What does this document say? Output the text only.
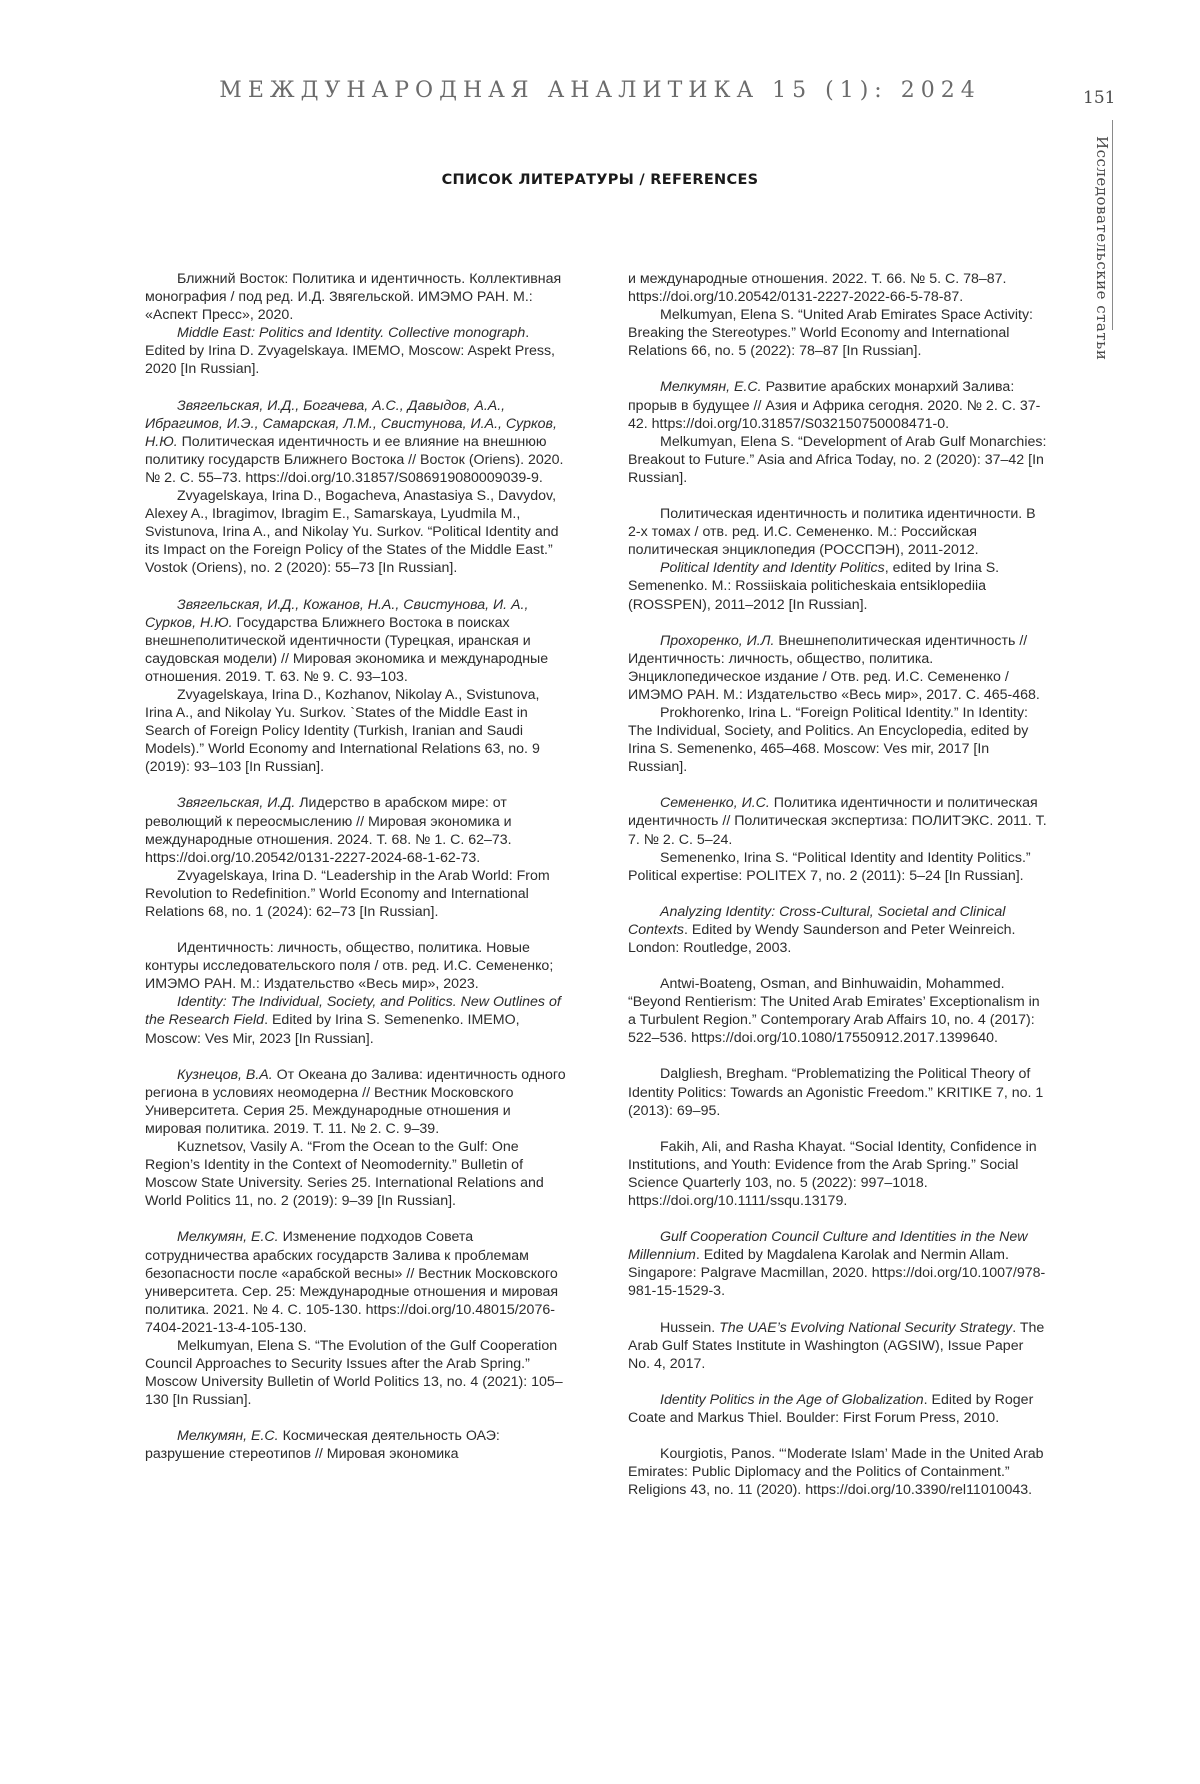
МЕЖДУНАРОДНАЯ АНАЛИТИКА 15 (1): 2024	151
Исследовательские статьи
СПИСОК ЛИТЕРАТУРЫ / REFERENCES

Ближний Восток: Политика и идентичность. Коллективная монография / под ред. И.Д. Звягельской. ИМЭМО РАН. М.: «Аспект Пресс», 2020.

Middle East: Politics and Identity. Collective monograph. Edited by Irina D. Zvyagelskaya. IMEMO, Moscow: Aspekt Press, 2020 [In Russian].

Звягельская, И.Д., Богачева, А.С., Давыдов, А.А., Ибрагимов, И.Э., Самарская, Л.М., Свистунова, И.А., Сурков, Н.Ю. Политическая идентичность и ее влияние на внешнюю политику государств Ближнего Востока // Восток (Oriens). 2020. № 2. С. 55–73. https://doi.org/10.31857/S086919080009039-9.

Zvyagelskaya, Irina D., Bogacheva, Anastasiya S., Davydov, Alexey A., Ibragimov, Ibragim E., Samarskaya, Lyudmila M., Svistunova, Irina A., and Nikolay Yu. Surkov. “Political Identity and its Impact on the Foreign Policy of the States of the Middle East.” Vostok (Oriens), no. 2 (2020): 55–73 [In Russian].

Звягельская, И.Д., Кожанов, Н.А., Свистунова, И. А., Сурков, Н.Ю. Государства Ближнего Востока в поисках внешнеполитической идентичности (Турецкая, иранская и саудовская модели) // Мировая экономика и международные отношения. 2019. Т. 63. № 9. С. 93–103.

Zvyagelskaya, Irina D., Kozhanov, Nikolay A., Svistunova, Irina A., and Nikolay Yu. Surkov. `States of the Middle East in Search of Foreign Policy Identity (Turkish, Iranian and Saudi Models).” World Economy and International Relations 63, no. 9 (2019): 93–103 [In Russian].

Звягельская, И.Д. Лидерство в арабском мире: от револющий к переосмыслению // Мировая экономика и международные отношения. 2024. Т. 68. № 1. С. 62–73. https://doi.org/10.20542/0131-2227-2024-68-1-62-73.

Zvyagelskaya, Irina D. “Leadership in the Arab World: From Revolution to Redefinition.” World Economy and International Relations 68, no. 1 (2024): 62–73 [In Russian].

Идентичность: личность, общество, политика. Новые контуры исследовательского поля / отв. ред. И.С. Семененко; ИМЭМО РАН. М.: Издательство «Весь мир», 2023.

Identity: The Individual, Society, and Politics. New Outlines of the Research Field. Edited by Irina S. Semenenko. IMEMO, Moscow: Ves Mir, 2023 [In Russian].

Кузнецов, В.А. От Океана до Залива: идентичность одного региона в условиях неомодерна // Вестник Московского Университета. Серия 25. Международные отношения и мировая политика. 2019. Т. 11. № 2. С. 9–39.

Kuznetsov, Vasily A. “From the Ocean to the Gulf: One Region’s Identity in the Context of Neomodernity.” Bulletin of Moscow State University. Series 25. International Relations and World Politics 11, no. 2 (2019): 9–39 [In Russian].

Мелкумян, Е.С. Изменение подходов Совета сотрудничества арабских государств Залива к проблемам безопасности после «арабской весны» // Вестник Московского университета. Сер. 25: Международные отношения и мировая политика. 2021. № 4. С. 105-130. https://doi.org/10.48015/2076-7404-2021-13-4-105-130.

Melkumyan, Elena S. “The Evolution of the Gulf Cooperation Council Approaches to Security Issues after the Arab Spring.” Moscow University Bulletin of World Politics 13, no. 4 (2021): 105–130 [In Russian].

Мелкумян, Е.С. Космическая деятельность ОАЭ: разрушение стереотипов // Мировая экономика

и международные отношения. 2022. Т. 66. № 5. С. 78–87. https://doi.org/10.20542/0131-2227-2022-66-5-78-87.

Melkumyan, Elena S. “United Arab Emirates Space Activity: Breaking the Stereotypes.” World Economy and International Relations 66, no. 5 (2022): 78–87 [In Russian].

Мелкумян, Е.С. Развитие арабских монархий Залива: прорыв в будущее // Азия и Африка сегодня. 2020. № 2. С. 37-42. https://doi.org/10.31857/S032150750008471-0.

Melkumyan, Elena S. “Development of Arab Gulf Monarchies: Breakout to Future.” Asia and Africa Today, no. 2 (2020): 37–42 [In Russian].

Политическая идентичность и политика идентичности. В 2-х томах / отв. ред. И.С. Семененко. М.: Российская политическая энциклопедия (РОССПЭН), 2011-2012.

Political Identity and Identity Politics, edited by Irina S. Semenenko. M.: Rossiiskaia politicheskaia entsiklopediia (ROSSPEN), 2011–2012 [In Russian].

Прохоренко, И.Л. Внешнеполитическая идентичность // Идентичность: личность, общество, политика. Энциклопедическое издание / Отв. ред. И.С. Семененко / ИМЭМО РАН. М.: Издательство «Весь мир», 2017. С. 465-468.

Prokhorenko, Irina L. “Foreign Political Identity.” In Identity: The Individual, Society, and Politics. An Encyclopedia, edited by Irina S. Semenenko, 465–468. Moscow: Ves mir, 2017 [In Russian].

Семененко, И.С. Политика идентичности и политическая идентичность // Политическая экспертиза: ПОЛИТЭКС. 2011. Т. 7. № 2. С. 5–24.

Semenenko, Irina S. “Political Identity and Identity Politics.” Political expertise: POLITEX 7, no. 2 (2011): 5–24 [In Russian].

Analyzing Identity: Cross-Cultural, Societal and Clinical Contexts. Edited by Wendy Saunderson and Peter Weinreich. London: Routledge, 2003.

Antwi-Boateng, Osman, and Binhuwaidin, Mohammed. “Beyond Rentierism: The United Arab Emirates’ Exceptionalism in a Turbulent Region.” Contemporary Arab Affairs 10, no. 4 (2017): 522–536. https://doi.org/10.1080/17550912.2017.1399640.

Dalgliesh, Bregham. “Problematizing the Political Theory of Identity Politics: Towards an Agonistic Freedom.” KRITIKE 7, no. 1 (2013): 69–95.

Fakih, Ali, and Rasha Khayat. “Social Identity, Confidence in Institutions, and Youth: Evidence from the Arab Spring.” Social Science Quarterly 103, no. 5 (2022): 997–1018. https://doi.org/10.1111/ssqu.13179.

Gulf Cooperation Council Culture and Identities in the New Millennium. Edited by Magdalena Karolak and Nermin Allam. Singapore: Palgrave Macmillan, 2020. https://doi.org/10.1007/978-981-15-1529-3.

Hussein. The UAE’s Evolving National Security Strategy. The Arab Gulf States Institute in Washington (AGSIW), Issue Paper No. 4, 2017.

Identity Politics in the Age of Globalization. Edited by Roger Coate and Markus Thiel. Boulder: First Forum Press, 2010.

Kourgiotis, Panos. “‘Moderate Islam’ Made in the United Arab Emirates: Public Diplomacy and the Politics of Containment.” Religions 43, no. 11 (2020). https://doi.org/10.3390/rel11010043.
